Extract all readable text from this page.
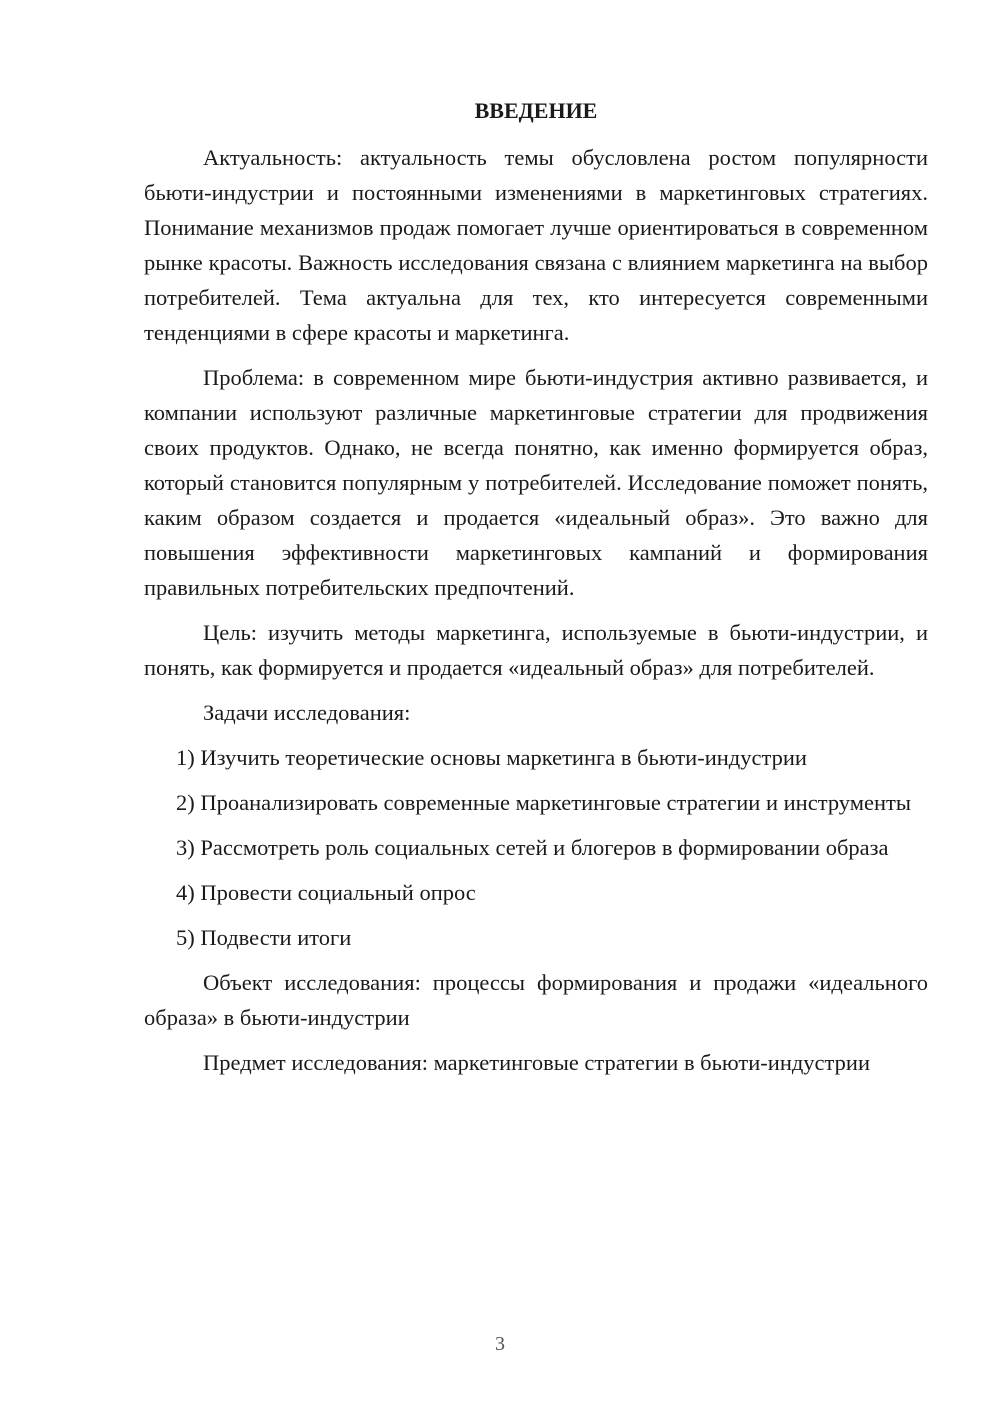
ВВЕДЕНИЕ

Актуальность: актуальность темы обусловлена ростом популярности бьюти-индустрии и постоянными изменениями в маркетинговых стратегиях. Понимание механизмов продаж помогает лучше ориентироваться в современном рынке красоты. Важность исследования связана с влиянием маркетинга на выбор потребителей. Тема актуальна для тех, кто интересуется современными тенденциями в сфере красоты и маркетинга.

Проблема: в современном мире бьюти-индустрия активно развивается, и компании используют различные маркетинговые стратегии для продвижения своих продуктов. Однако, не всегда понятно, как именно формируется образ, который становится популярным у потребителей. Исследование поможет понять, каким образом создается и продается «идеальный образ». Это важно для повышения эффективности маркетинговых кампаний и формирования правильных потребительских предпочтений.

Цель: изучить методы маркетинга, используемые в бьюти-индустрии, и понять, как формируется и продается «идеальный образ» для потребителей.

Задачи исследования:

1) Изучить теоретические основы маркетинга в бьюти-индустрии

2) Проанализировать современные маркетинговые стратегии и инструменты

3) Рассмотреть роль социальных сетей и блогеров в формировании образа

4) Провести социальный опрос

5) Подвести итоги

Объект исследования: процессы формирования и продажи «идеального образа» в бьюти-индустрии

Предмет исследования: маркетинговые стратегии в бьюти-индустрии

3
